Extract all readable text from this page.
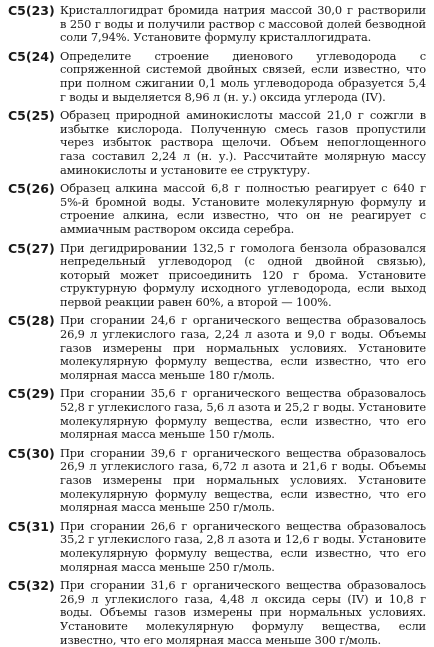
C5(23) Кристаллогидрат бромида натрия массой 30,0 г растворили в 250 г воды и получили раствор с массовой долей безводной соли 7,94%. Установите формулу кристаллогидрата.
C5(24) Определите строение диенового углеводорода с сопряженной системой двойных связей, если известно, что при полном сжигании 0,1 моль углеводорода образуется 5,4 г воды и выделяется 8,96 л (н. у.) оксида углерода (IV).
C5(25) Образец природной аминокислоты массой 21,0 г сожгли в избытке кислорода. Полученную смесь газов пропустили через избыток раствора щелочи. Объем непоглощенного газа составил 2,24 л (н. у.). Рассчитайте молярную массу аминокислоты и установите ее структуру.
C5(26) Образец алкина массой 6,8 г полностью реагирует с 640 г 5%-й бромной воды. Установите молекулярную формулу и строение алкина, если известно, что он не реагирует с аммиачным раствором оксида серебра.
C5(27) При дегидрировании 132,5 г гомолога бензола образовался непредельный углеводород (с одной двойной связью), который может присоединить 120 г брома. Установите структурную формулу исходного углеводорода, если выход первой реакции равен 60%, а второй — 100%.
C5(28) При сгорании 24,6 г органического вещества образовалось 26,9 л углекислого газа, 2,24 л азота и 9,0 г воды. Объемы газов измерены при нормальных условиях. Установите молекулярную формулу вещества, если известно, что его молярная масса меньше 180 г/моль.
C5(29) При сгорании 35,6 г органического вещества образовалось 52,8 г углекислого газа, 5,6 л азота и 25,2 г воды. Установите молекулярную формулу вещества, если известно, что его молярная масса меньше 150 г/моль.
C5(30) При сгорании 39,6 г органического вещества образовалось 26,9 л углекислого газа, 6,72 л азота и 21,6 г воды. Объемы газов измерены при нормальных условиях. Установите молекулярную формулу вещества, если известно, что его молярная масса меньше 250 г/моль.
C5(31) При сгорании 26,6 г органического вещества образовалось 35,2 г углекислого газа, 2,8 л азота и 12,6 г воды. Установите молекулярную формулу вещества, если известно, что его молярная масса меньше 250 г/моль.
C5(32) При сгорании 31,6 г органического вещества образовалось 26,9 л углекислого газа, 4,48 л оксида серы (IV) и 10,8 г воды. Объемы газов измерены при нормальных условиях. Установите молекулярную формулу вещества, если известно, что его молярная масса меньше 300 г/моль.
